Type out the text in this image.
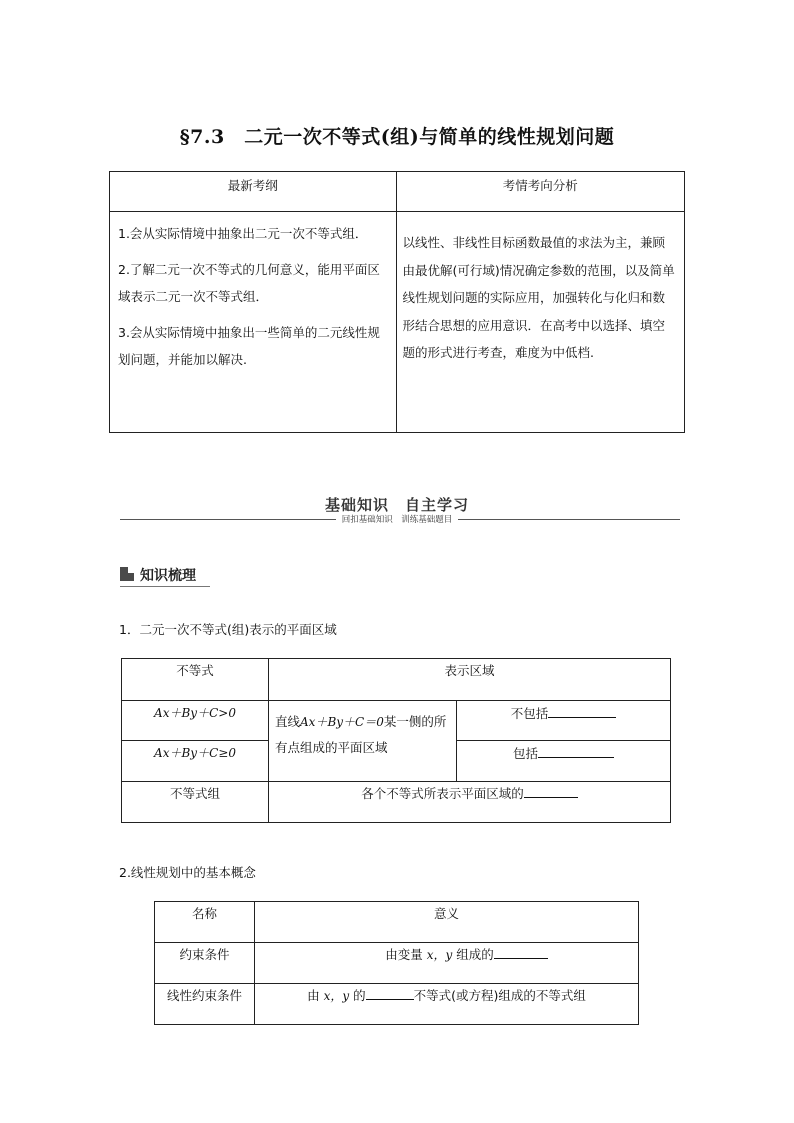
§7.3　二元一次不等式(组)与简单的线性规划问题
最新考纲	考情考向分析

1.会从实际情境中抽象出二元一次不等式组．

2.了解二元一次不等式的几何意义，能用平面区域表示二元一次不等式组．

3.会从实际情境中抽象出一些简单的二元线性规划问题，并能加以解决.	以线性、非线性目标函数最值的求法为主，兼顾由最优解(可行域)情况确定参数的范围，以及简单线性规划问题的实际应用，加强转化与化归和数形结合思想的应用意识．在高考中以选择、填空题的形式进行考查，难度为中低档.
基础知识　自主学习
回扣基础知识　训练基础题目
知识梳理
1．二元一次不等式(组)表示的平面区域
不等式	表示区域	
Ax＋By＋C>0	直线Ax＋By＋C＝0某一侧的所有点组成的平面区域	不包括
Ax＋By＋C≥0		包括
不等式组	各个不等式所表示平面区域的	
2.线性规划中的基本概念
名称	意义
约束条件	由变量 x，y 组成的
线性约束条件	由 x，y 的 不等式(或方程)组成的不等式组
